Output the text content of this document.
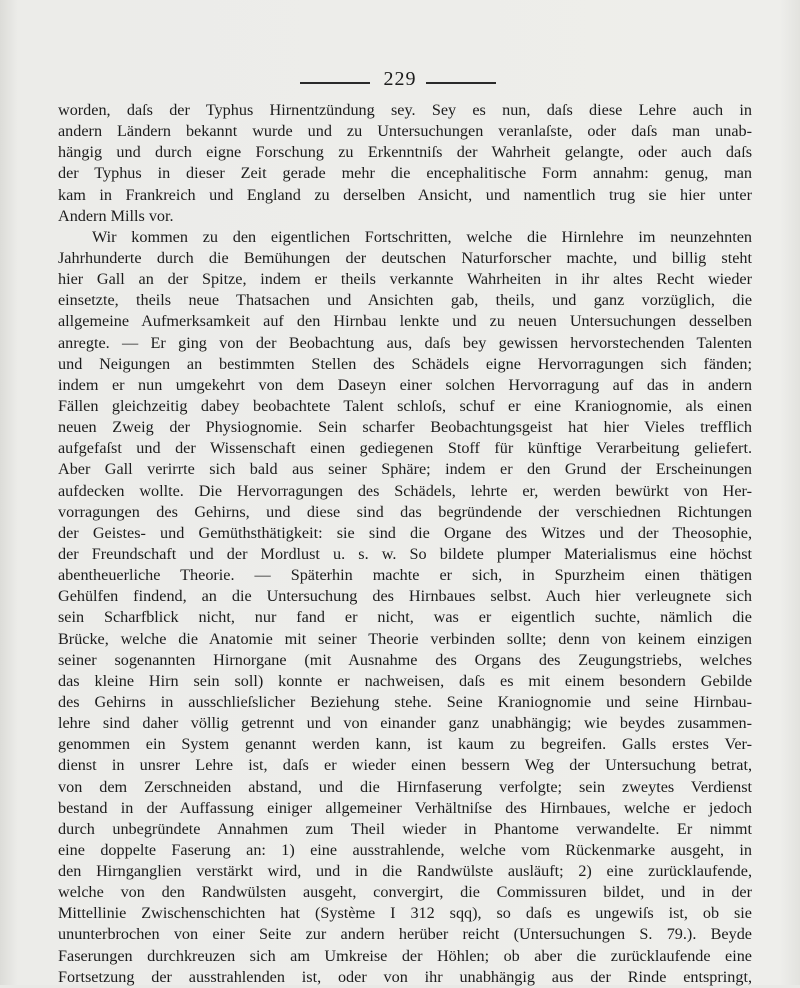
229
worden, daſs der Typhus Hirnentzündung sey. Sey es nun, daſs diese Lehre auch in
andern Ländern bekannt wurde und zu Untersuchungen veranlaſste, oder daſs man unab-
hängig und durch eigne Forschung zu Erkenntniſs der Wahrheit gelangte, oder auch daſs
der Typhus in dieser Zeit gerade mehr die encephalitische Form annahm: genug, man
kam in Frankreich und England zu derselben Ansicht, und namentlich trug sie hier unter
Andern Mills vor.
Wir kommen zu den eigentlichen Fortschritten, welche die Hirnlehre im neunzehnten
Jahrhunderte durch die Bemühungen der deutschen Naturforscher machte, und billig steht
hier Gall an der Spitze, indem er theils verkannte Wahrheiten in ihr altes Recht wieder
einsetzte, theils neue Thatsachen und Ansichten gab, theils, und ganz vorzüglich, die
allgemeine Aufmerksamkeit auf den Hirnbau lenkte und zu neuen Untersuchungen desselben
anregte. — Er ging von der Beobachtung aus, daſs bey gewissen hervorstechenden Talenten
und Neigungen an bestimmten Stellen des Schädels eigne Hervorragungen sich fänden;
indem er nun umgekehrt von dem Daseyn einer solchen Hervorragung auf das in andern
Fällen gleichzeitig dabey beobachtete Talent schloſs, schuf er eine Kraniognomie, als einen
neuen Zweig der Physiognomie. Sein scharfer Beobachtungsgeist hat hier Vieles trefflich
aufgefaſst und der Wissenschaft einen gediegenen Stoff für künftige Verarbeitung geliefert.
Aber Gall verirrte sich bald aus seiner Sphäre; indem er den Grund der Erscheinungen
aufdecken wollte. Die Hervorragungen des Schädels, lehrte er, werden bewürkt von Her-
vorragungen des Gehirns, und diese sind das begründende der verschiednen Richtungen
der Geistes- und Gemüthsthätigkeit: sie sind die Organe des Witzes und der Theosophie,
der Freundschaft und der Mordlust u. s. w. So bildete plumper Materialismus eine höchst
abentheuerliche Theorie. — Späterhin machte er sich, in Spurzheim einen thätigen
Gehülfen findend, an die Untersuchung des Hirnbaues selbst. Auch hier verleugnete sich
sein Scharfblick nicht, nur fand er nicht, was er eigentlich suchte, nämlich die
Brücke, welche die Anatomie mit seiner Theorie verbinden sollte; denn von keinem einzigen
seiner sogenannten Hirnorgane (mit Ausnahme des Organs des Zeugungstriebs, welches
das kleine Hirn sein soll) konnte er nachweisen, daſs es mit einem besondern Gebilde
des Gehirns in ausschlieſslicher Beziehung stehe. Seine Kraniognomie und seine Hirnbau-
lehre sind daher völlig getrennt und von einander ganz unabhängig; wie beydes zusammen-
genommen ein System genannt werden kann, ist kaum zu begreifen. Galls erstes Ver-
dienst in unsrer Lehre ist, daſs er wieder einen bessern Weg der Untersuchung betrat,
von dem Zerschneiden abstand, und die Hirnfaserung verfolgte; sein zweytes Verdienst
bestand in der Auffassung einiger allgemeiner Verhältniſse des Hirnbaues, welche er jedoch
durch unbegründete Annahmen zum Theil wieder in Phantome verwandelte. Er nimmt
eine doppelte Faserung an: 1) eine ausstrahlende, welche vom Rückenmarke ausgeht, in
den Hirnganglien verstärkt wird, und in die Randwülste ausläuft; 2) eine zurücklaufende,
welche von den Randwülsten ausgeht, convergirt, die Commissuren bildet, und in der
Mittellinie Zwischenschichten hat (Système I 312 sqq), so daſs es ungewiſs ist, ob sie
ununterbrochen von einer Seite zur andern herüber reicht (Untersuchungen S. 79.). Beyde
Faserungen durchkreuzen sich am Umkreise der Höhlen; ob aber die zurücklaufende eine
Fortsetzung der ausstrahlenden ist, oder von ihr unabhängig aus der Rinde entspringt,
